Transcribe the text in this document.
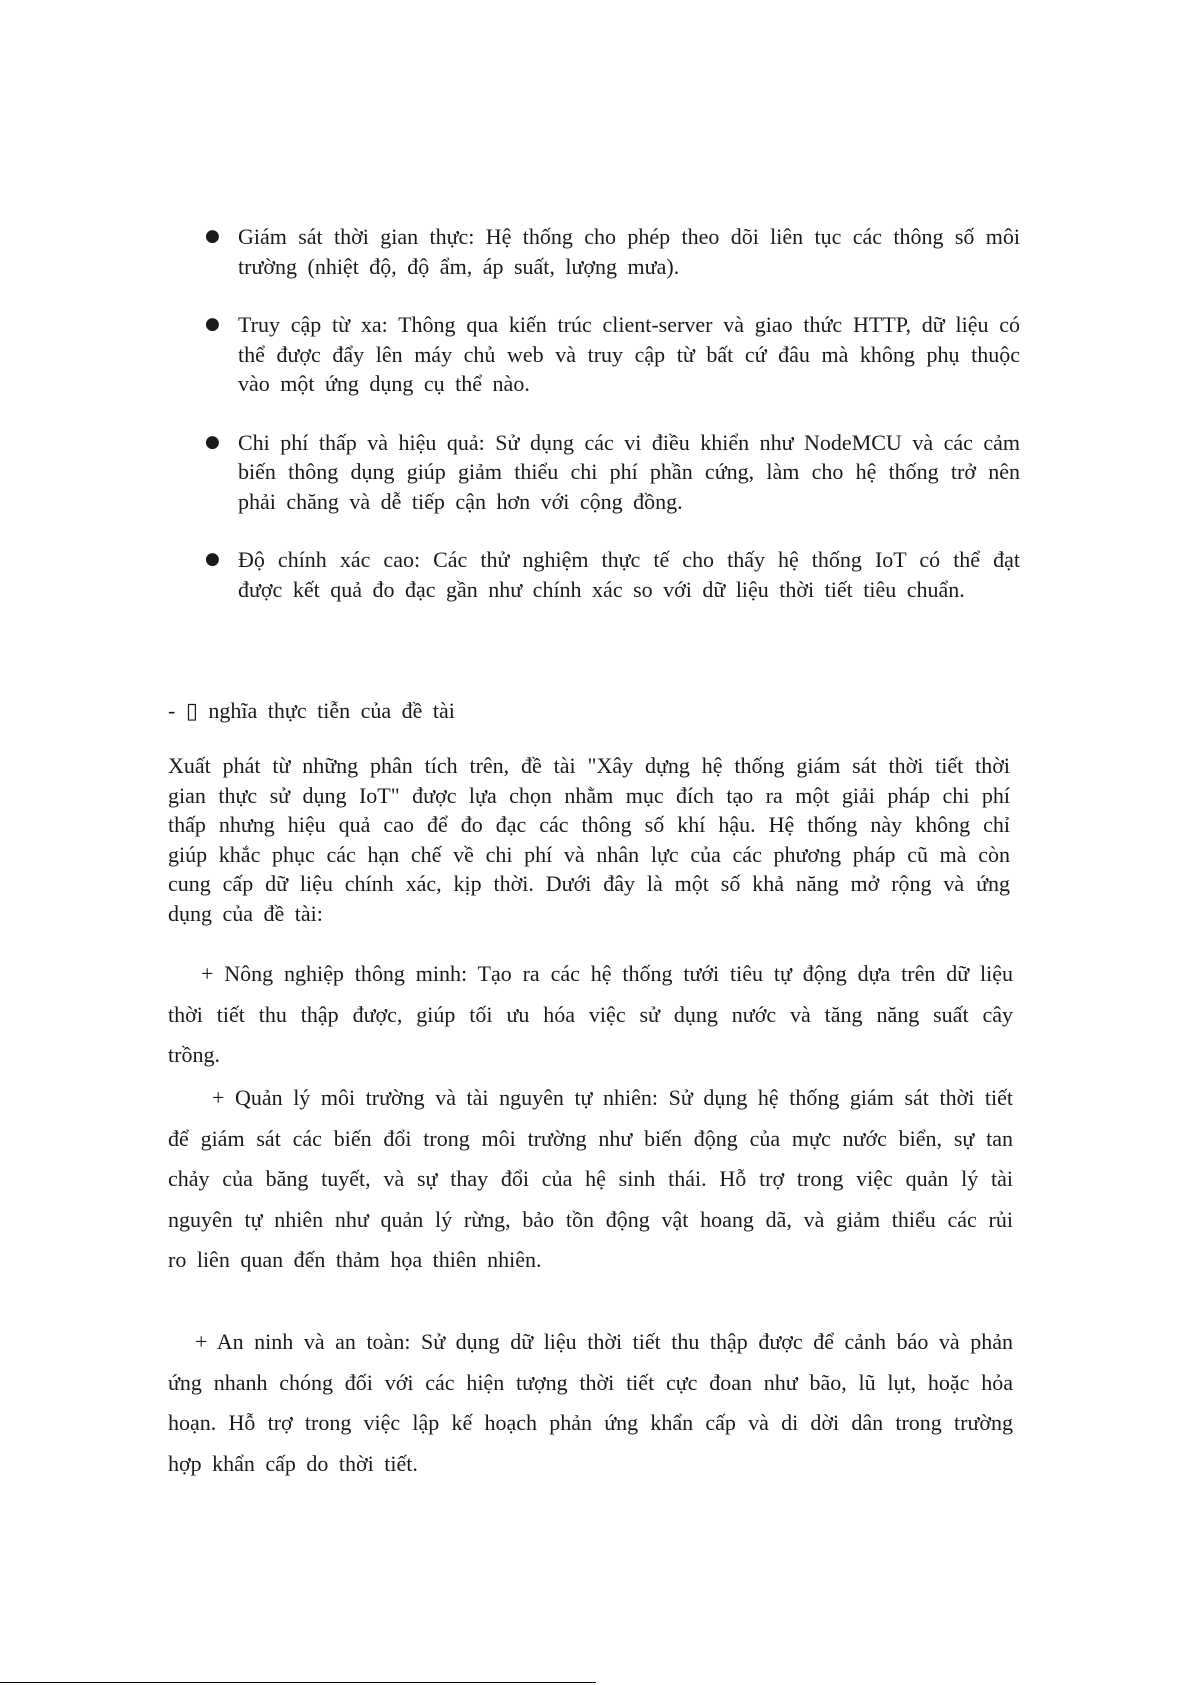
● Giám sát thời gian thực: Hệ thống cho phép theo dõi liên tục các thông số môi trường (nhiệt độ, độ ẩm, áp suất, lượng mưa).
● Truy cập từ xa: Thông qua kiến trúc client-server và giao thức HTTP, dữ liệu có thể được đẩy lên máy chủ web và truy cập từ bất cứ đâu mà không phụ thuộc vào một ứng dụng cụ thể nào.
● Chi phí thấp và hiệu quả: Sử dụng các vi điều khiển như NodeMCU và các cảm biến thông dụng giúp giảm thiểu chi phí phần cứng, làm cho hệ thống trở nên phải chăng và dễ tiếp cận hơn với cộng đồng.
● Độ chính xác cao: Các thử nghiệm thực tế cho thấy hệ thống IoT có thể đạt được kết quả đo đạc gần như chính xác so với dữ liệu thời tiết tiêu chuẩn.

- ▯ nghĩa thực tiễn của đề tài

Xuất phát từ những phân tích trên, đề tài "Xây dựng hệ thống giám sát thời tiết thời gian thực sử dụng IoT" được lựa chọn nhằm mục đích tạo ra một giải pháp chi phí thấp nhưng hiệu quả cao để đo đạc các thông số khí hậu. Hệ thống này không chỉ giúp khắc phục các hạn chế về chi phí và nhân lực của các phương pháp cũ mà còn cung cấp dữ liệu chính xác, kịp thời. Dưới đây là một số khả năng mở rộng và ứng dụng của đề tài:

+ Nông nghiệp thông minh: Tạo ra các hệ thống tưới tiêu tự động dựa trên dữ liệu thời tiết thu thập được, giúp tối ưu hóa việc sử dụng nước và tăng năng suất cây trồng.

+ Quản lý môi trường và tài nguyên tự nhiên: Sử dụng hệ thống giám sát thời tiết để giám sát các biến đổi trong môi trường như biến động của mực nước biển, sự tan chảy của băng tuyết, và sự thay đổi của hệ sinh thái. Hỗ trợ trong việc quản lý tài nguyên tự nhiên như quản lý rừng, bảo tồn động vật hoang dã, và giảm thiểu các rủi ro liên quan đến thảm họa thiên nhiên.

+ An ninh và an toàn: Sử dụng dữ liệu thời tiết thu thập được để cảnh báo và phản ứng nhanh chóng đối với các hiện tượng thời tiết cực đoan như bão, lũ lụt, hoặc hỏa hoạn. Hỗ trợ trong việc lập kế hoạch phản ứng khẩn cấp và di dời dân trong trường hợp khẩn cấp do thời tiết.
